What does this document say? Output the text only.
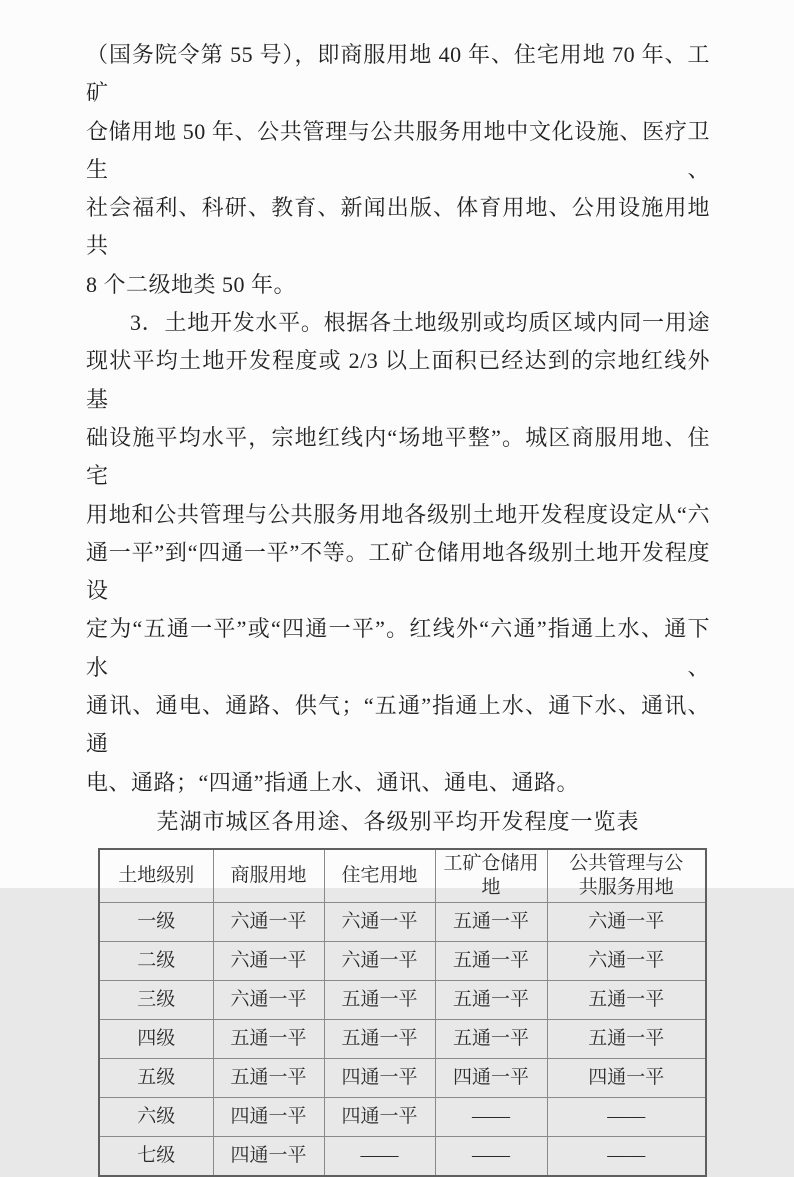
（国务院令第 55 号），即商服用地 40 年、住宅用地 70 年、工矿
仓储用地 50 年、公共管理与公共服务用地中文化设施、医疗卫生、
社会福利、科研、教育、新闻出版、体育用地、公用设施用地共
8 个二级地类 50 年。
3．土地开发水平。根据各土地级别或均质区域内同一用途
现状平均土地开发程度或 2/3 以上面积已经达到的宗地红线外基
础设施平均水平，宗地红线内“场地平整”。城区商服用地、住宅
用地和公共管理与公共服务用地各级别土地开发程度设定从“六
通一平”到“四通一平”不等。工矿仓储用地各级别土地开发程度设
定为“五通一平”或“四通一平”。红线外“六通”指通上水、通下水、
通讯、通电、通路、供气；“五通”指通上水、通下水、通讯、通
电、通路；“四通”指通上水、通讯、通电、通路。
芜湖市城区各用途、各级别平均开发程度一览表
土地级别	商服用地	住宅用地	工矿仓储用地	公共管理与公
共服务用地
一级	六通一平	六通一平	五通一平	六通一平
二级	六通一平	六通一平	五通一平	六通一平
三级	六通一平	五通一平	五通一平	五通一平
四级	五通一平	五通一平	五通一平	五通一平
五级	五通一平	四通一平	四通一平	四通一平
六级	四通一平	四通一平	——	——
七级	四通一平	——	——	——
